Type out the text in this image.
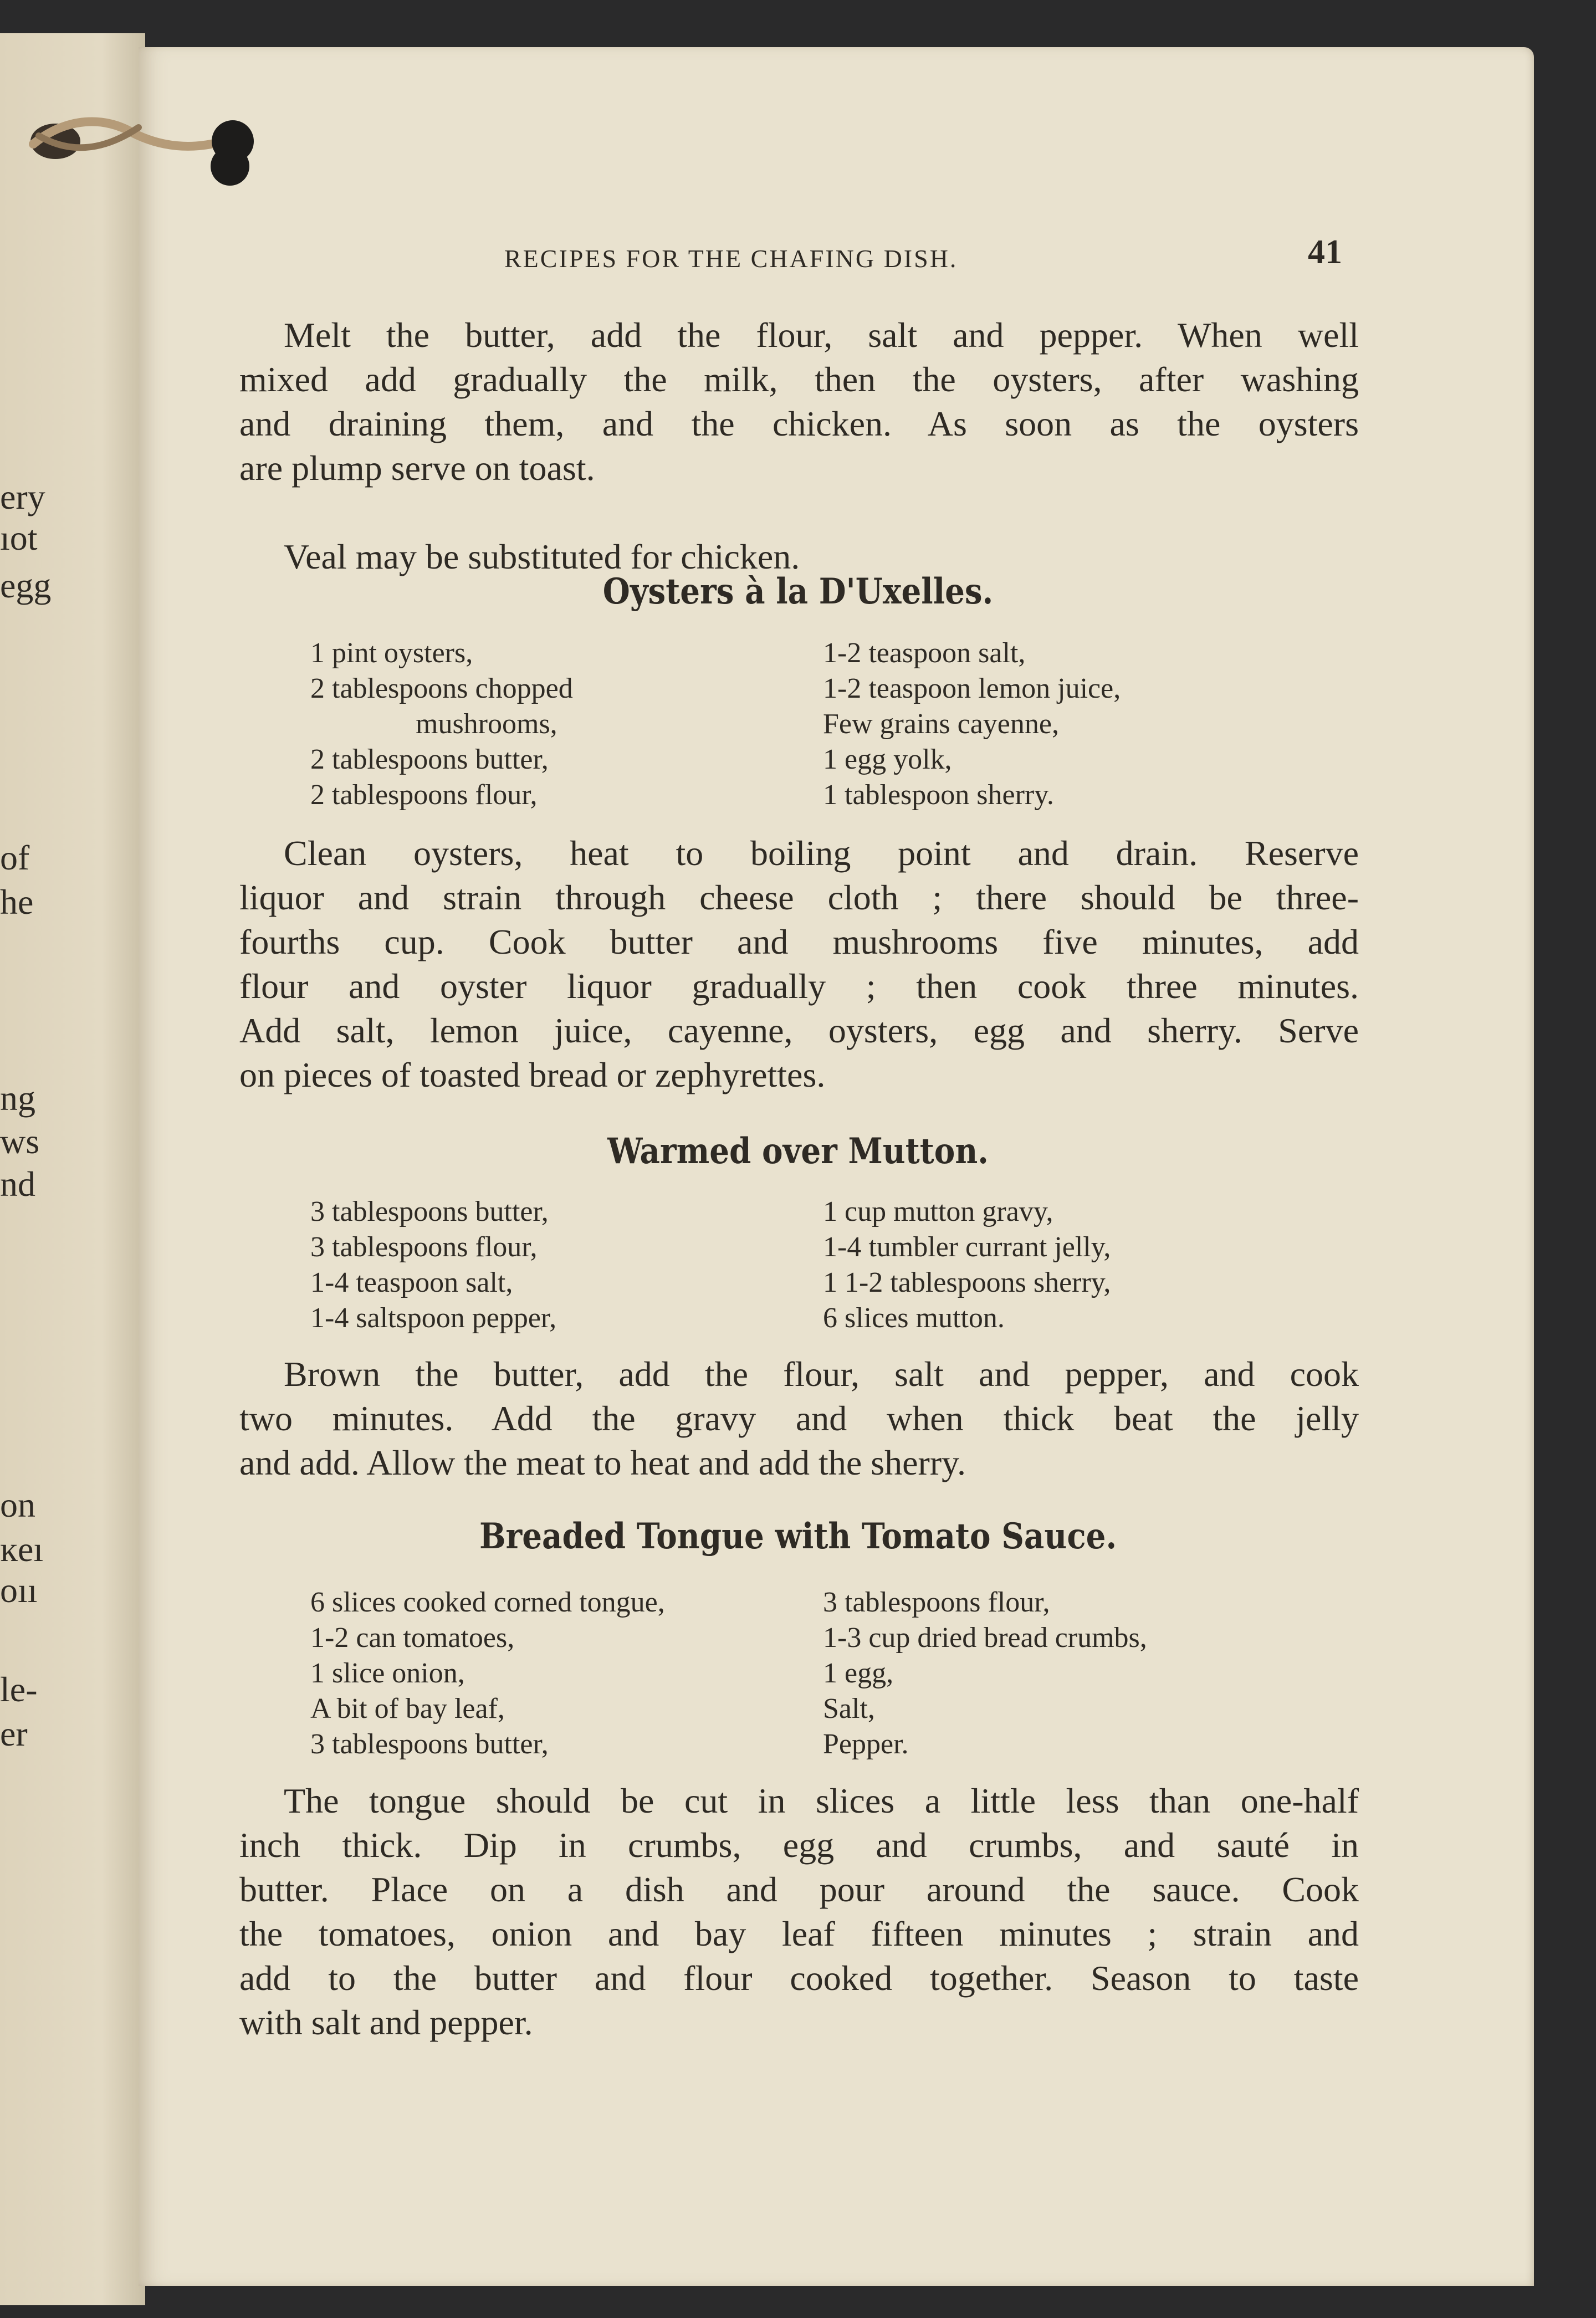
ery
ıot
egg
of
he
ng
ws
nd
on
ĸeı
oıı
le-
er
RECIPES FOR THE CHAFING DISH.	41
Melt the butter, add the flour, salt and pepper. When well
mixed add gradually the milk, then the oysters, after washing
and draining them, and the chicken. As soon as the oysters
are plump serve on toast.
Veal may be substituted for chicken.
Oysters à la D'Uxelles.
1 pint oysters,
2 tablespoons chopped
mushrooms,
2 tablespoons butter,
2 tablespoons flour,
1-2 teaspoon salt,
1-2 teaspoon lemon juice,
Few grains cayenne,
1 egg yolk,
1 tablespoon sherry.
Clean oysters, heat to boiling point and drain. Reserve
liquor and strain through cheese cloth ; there should be three-
fourths cup. Cook butter and mushrooms five minutes, add
flour and oyster liquor gradually ; then cook three minutes.
Add salt, lemon juice, cayenne, oysters, egg and sherry. Serve
on pieces of toasted bread or zephyrettes.
Warmed over Mutton.
3 tablespoons butter,
3 tablespoons flour,
1-4 teaspoon salt,
1-4 saltspoon pepper,
1 cup mutton gravy,
1-4 tumbler currant jelly,
1 1-2 tablespoons sherry,
6 slices mutton.
Brown the butter, add the flour, salt and pepper, and cook
two minutes. Add the gravy and when thick beat the jelly
and add. Allow the meat to heat and add the sherry.
Breaded Tongue with Tomato Sauce.
6 slices cooked corned tongue,
1-2 can tomatoes,
1 slice onion,
A bit of bay leaf,
3 tablespoons butter,
3 tablespoons flour,
1-3 cup dried bread crumbs,
1 egg,
Salt,
Pepper.
The tongue should be cut in slices a little less than one-half
inch thick. Dip in crumbs, egg and crumbs, and sauté in
butter. Place on a dish and pour around the sauce. Cook
the tomatoes, onion and bay leaf fifteen minutes ; strain and
add to the butter and flour cooked together. Season to taste
with salt and pepper.
